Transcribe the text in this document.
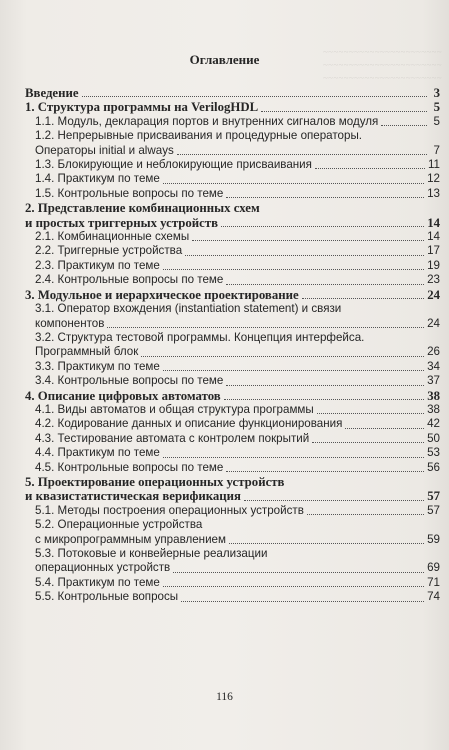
~~~~~~~~~~~~~~~~~~~~~~~
~~~~~~~~~~~~~~~~~~~~~~~
~~~~~~~~~~~~~~~~~~~~~~~
Оглавление
Введение	3
1. Структура программы на VerilogHDL	5
1.1. Модуль, декларация портов и внутренних сигналов модуля	5
1.2. Непрерывные присваивания и процедурные операторы.
Операторы initial и always	7
1.3. Блокирующие и неблокирующие присваивания	11
1.4. Практикум по теме	12
1.5. Контрольные вопросы по теме	13
2. Представление комбинационных схем
и простых триггерных устройств	14
2.1. Комбинационные схемы	14
2.2. Триггерные устройства	17
2.3. Практикум по теме	19
2.4. Контрольные вопросы по теме	23
3. Модульное и иерархическое проектирование	24
3.1. Оператор вхождения (instantiation statement) и связи
компонентов	24
3.2. Структура тестовой программы. Концепция интерфейса.
Программный блок	26
3.3. Практикум по теме	34
3.4. Контрольные вопросы по теме	37
4. Описание цифровых автоматов	38
4.1. Виды автоматов и общая структура программы	38
4.2. Кодирование данных и описание функционирования	42
4.3. Тестирование автомата с контролем покрытий	50
4.4. Практикум по теме	53
4.5. Контрольные вопросы по теме	56
5. Проектирование операционных устройств
и квазистатистическая верификация	57
5.1. Методы построения операционных устройств	57
5.2. Операционные устройства
с микропрограммным управлением	59
5.3. Потоковые и конвейерные реализации
операционных устройств	69
5.4. Практикум по теме	71
5.5. Контрольные вопросы	74
116
